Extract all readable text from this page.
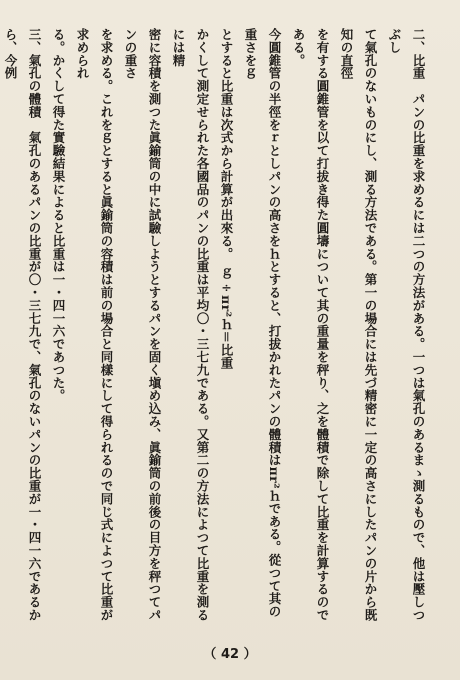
二、比重　パンの比重を求めるには二つの方法がある。一つは氣孔のあるまゝ測るもので、他は壓しつぶし

て氣孔のないものにし、測る方法である。第一の場合には先づ精密に一定の高さにしたパンの片から既知の直徑

を有する圓錐管を以て打拔き得た圓壔について其の重量を秤り、之を體積で除して比重を計算するのである。

今圓錐管の半徑をｒとしパンの高さをｈとすると、打拔かれたパンの體積はπr²ｈである。從つて其の重さをｇ

とすると比重は次式から計算が出來る。　ｇ÷πr²ｈ＝比重

かくして測定せられた各國品のパンの比重は平均〇・三七九である。又第二の方法によつて比重を測るには精

密に容積を測つた眞鍮筒の中に試驗しようとするパンを固く塡め込み、眞鍮筒の前後の目方を秤つてパンの重さ

を求める。これをｇとすると眞鍮筒の容積は前の場合と同樣にして得られるので同じ式によつて比重が求められ

る。かくして得た實驗結果によると比重は一・四一六であつた。

三、氣孔の體積　氣孔のあるパンの比重が〇・三七九で、氣孔のないパンの比重が一・四一六であるから、今例

（ 42 ）
